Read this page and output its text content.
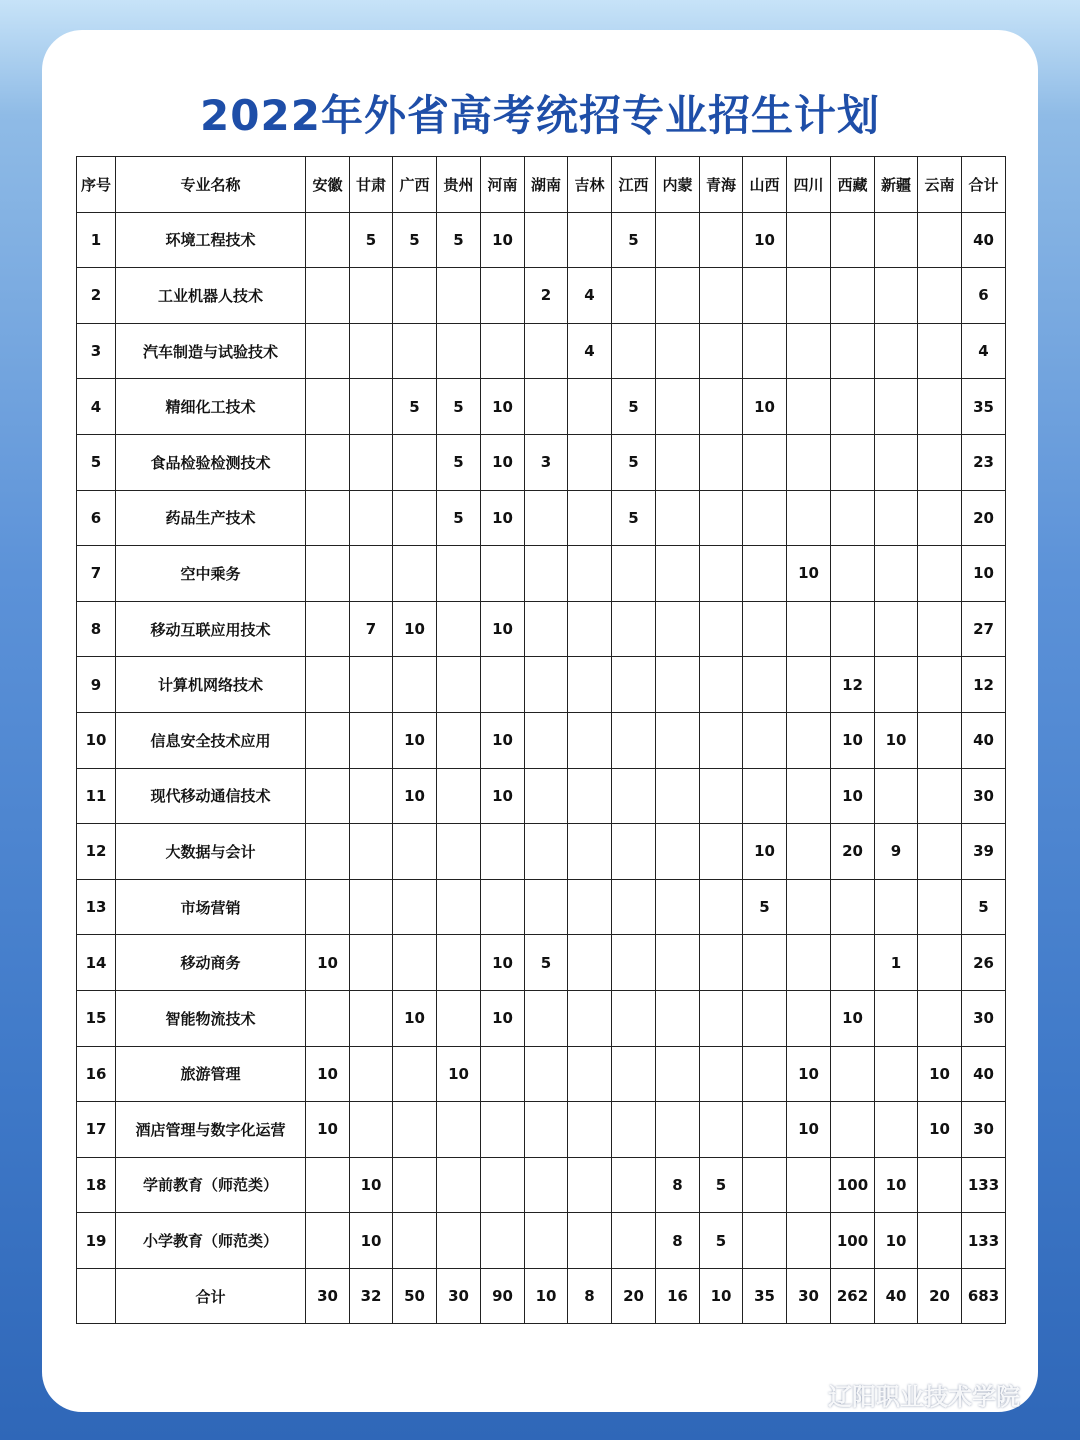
2022年外省高考统招专业招生计划
序号	专业名称	安徽	甘肃	广西	贵州	河南	湖南	吉林	江西	内蒙	青海	山西	四川	西藏	新疆	云南	合计
1	环境工程技术		5	5	5	10			5			10					40
2	工业机器人技术						2	4									6
3	汽车制造与试验技术							4									4
4	精细化工技术			5	5	10			5			10					35
5	食品检验检测技术				5	10	3		5								23
6	药品生产技术				5	10			5								20
7	空中乘务												10				10
8	移动互联应用技术		7	10		10											27
9	计算机网络技术													12			12
10	信息安全技术应用			10		10								10	10		40
11	现代移动通信技术			10		10								10			30
12	大数据与会计											10		20	9		39
13	市场营销											5					5
14	移动商务	10				10	5								1		26
15	智能物流技术			10		10								10			30
16	旅游管理	10			10								10			10	40
17	酒店管理与数字化运营	10											10			10	30
18	学前教育（师范类）		10							8	5			100	10		133
19	小学教育（师范类）		10							8	5			100	10		133
	合计	30	32	50	30	90	10	8	20	16	10	35	30	262	40	20	683
辽阳职业技术学院
